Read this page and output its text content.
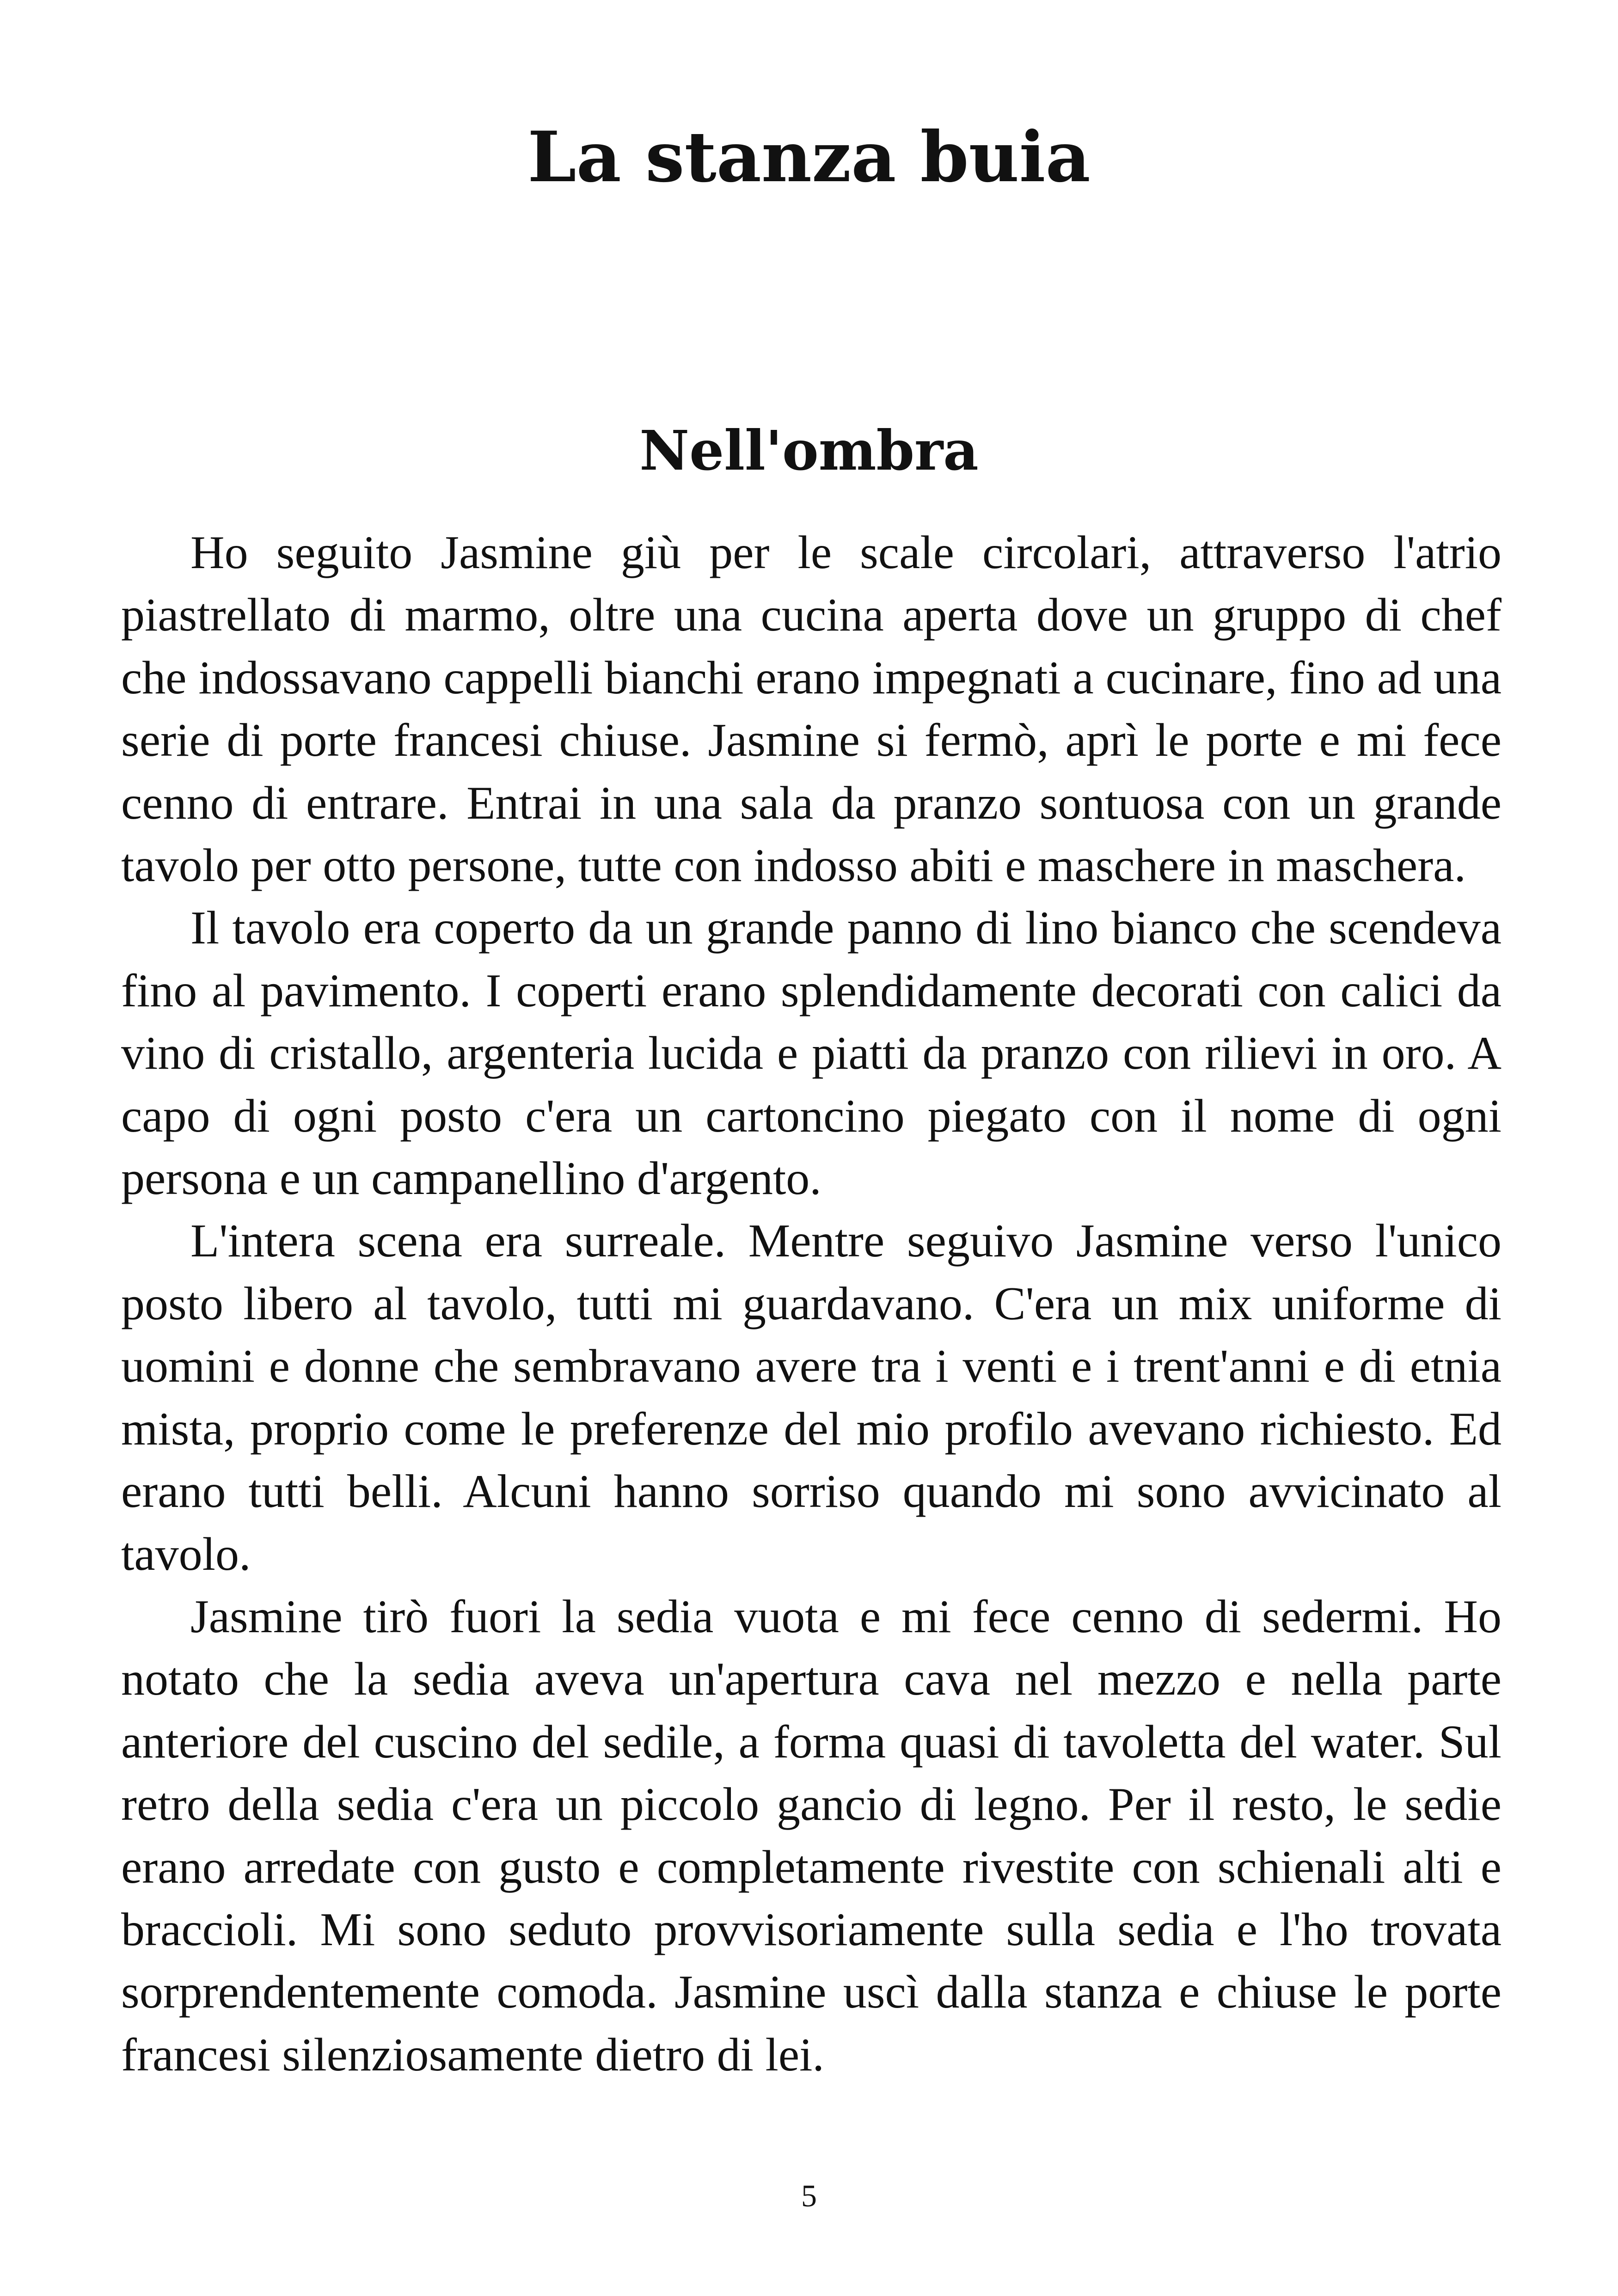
La stanza buia
Nell'ombra

Ho seguito Jasmine giù per le scale circolari, attraverso l'atrio piastrellato di marmo, oltre una cucina aperta dove un gruppo di chef che indossavano cappelli bianchi erano impegnati a cucinare, fino ad una serie di porte francesi chiuse. Jasmine si fermò, aprì le porte e mi fece cenno di entrare. Entrai in una sala da pranzo sontuosa con un grande tavolo per otto persone, tutte con indosso abiti e maschere in maschera.

Il tavolo era coperto da un grande panno di lino bianco che scendeva fino al pavimento. I coperti erano splendidamente decorati con calici da vino di cristallo, argenteria lucida e piatti da pranzo con rilievi in oro. A capo di ogni posto c'era un cartoncino piegato con il nome di ogni persona e un campanellino d'argento.

L'intera scena era surreale. Mentre seguivo Jasmine verso l'unico posto libero al tavolo, tutti mi guardavano. C'era un mix uniforme di uomini e donne che sembravano avere tra i venti e i trent'anni e di etnia mista, proprio come le preferenze del mio profilo avevano richiesto. Ed erano tutti belli. Alcuni hanno sorriso quando mi sono avvicinato al tavolo.

Jasmine tirò fuori la sedia vuota e mi fece cenno di sedermi. Ho notato che la sedia aveva un'apertura cava nel mezzo e nella parte anteriore del cuscino del sedile, a forma quasi di tavoletta del water. Sul retro della sedia c'era un piccolo gancio di legno. Per il resto, le sedie erano arredate con gusto e completamente rivestite con schienali alti e braccioli. Mi sono seduto provvisoriamente sulla sedia e l'ho trovata sorprendentemente comoda. Jasmine uscì dalla stanza e chiuse le porte francesi silenziosamente dietro di lei.

5
